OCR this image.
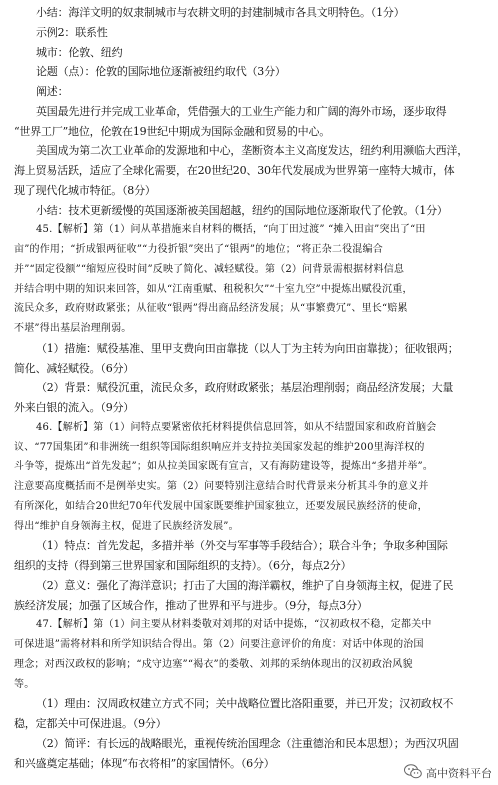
小结：海洋文明的奴隶制城市与农耕文明的封建制城市各具文明特色。（1分）
示例2：联系性
城市：伦敦、纽约
论题（点）：伦敦的国际地位逐渐被纽约取代（3分）
阐述：
英国最先进行并完成工业革命，凭借强大的工业生产能力和广阔的海外市场，逐步取得
“世界工厂”地位，伦敦在19世纪中期成为国际金融和贸易的中心。
美国成为第二次工业革命的发源地和中心，垄断资本主义高度发达，纽约利用濒临大西洋，
海上贸易活跃，适应了全球化需要，在20世纪20、30年代发展成为世界第一座特大城市，体
现了现代化城市特征。（8分）
小结：技术更新缓慢的英国逐渐被美国超越，纽约的国际地位逐渐取代了伦敦。（1分）
45.【解析】第（1）问从革措施来自材料的概括，“向丁田过渡” “摊入田亩”突出了“田
亩”的作用；“折成银两征收”“力役折银”突出了“银两”的地位；“将正杂二役混编合
并”“固定役额”“缩短应役时间”反映了简化、减轻赋役。第（2）问背景需根据材料信息
并结合明中期的知识来回答，如从“江南重赋、租税积欠”“十室九空”中提炼出赋役沉重，
流民众多，政府财政紧张；从征收“银两”得出商品经济发展；从“事繁费冗”、里长“赔累
不堪”得出基层治理削弱。
（1）措施：赋役基准、里甲支费向田亩靠拢（以人丁为主转为向田亩靠拢）；征收银两；
简化、减轻赋役。（6分）
（2）背景：赋役沉重，流民众多，政府财政紧张；基层治理削弱；商品经济发展；大量
外来白银的流入。（9分）
46.【解析】第（1）问特点要紧密依托材料提供信息回答，如从不结盟国家和政府首脑会
议、“77国集团”和非洲统一组织等国际组织响应并支持拉美国家发起的维护200里海洋权的
斗争等，提炼出“首先发起”；如从拉美国家既有宣言，又有海防建设等，提炼出“多措并举”。
注意要高度概括而不是例举史实。第（2）问要特别注意结合时代背景来分析其斗争的意义并
有所深化，如结合20世纪70年代发展中国家既要维护国家独立，还要发展民族经济的使命，
得出“维护自身领海主权，促进了民族经济发展”。
（1）特点：首先发起，多措并举（外交与军事等手段结合）；联合斗争；争取多种国际
组织的支持（得到第三世界国家和国际组织的支持）。（6分，每点2分）
（2）意义：强化了海洋意识；打击了大国的海洋霸权，维护了自身领海主权，促进了民
族经济发展；加强了区域合作，推动了世界和平与进步。（9分，每点3分）
47.【解析】第（1）问主要从材料娄敬对刘邦的对话中提炼，“汉初政权不稳，定都关中
可保进退”需将材料和所学知识结合得出。第（2）问要注意评价的角度：对话中体现的治国
理念；对西汉政权的影响；“戍守边塞”“褐衣”的娄敬、刘邦的采纳体现出的汉初政治风貌
等。
（1）理由：汉周政权建立方式不同；关中战略位置比洛阳重要，并已开发；汉初政权不
稳，定都关中可保进退。（9分）
（2）简评：有长远的战略眼光，重视传统治国理念（注重德治和民本思想）；为西汉巩固
和兴盛奠定基础；体现“布衣将相”的家国情怀。（6分）
高中资料平台
